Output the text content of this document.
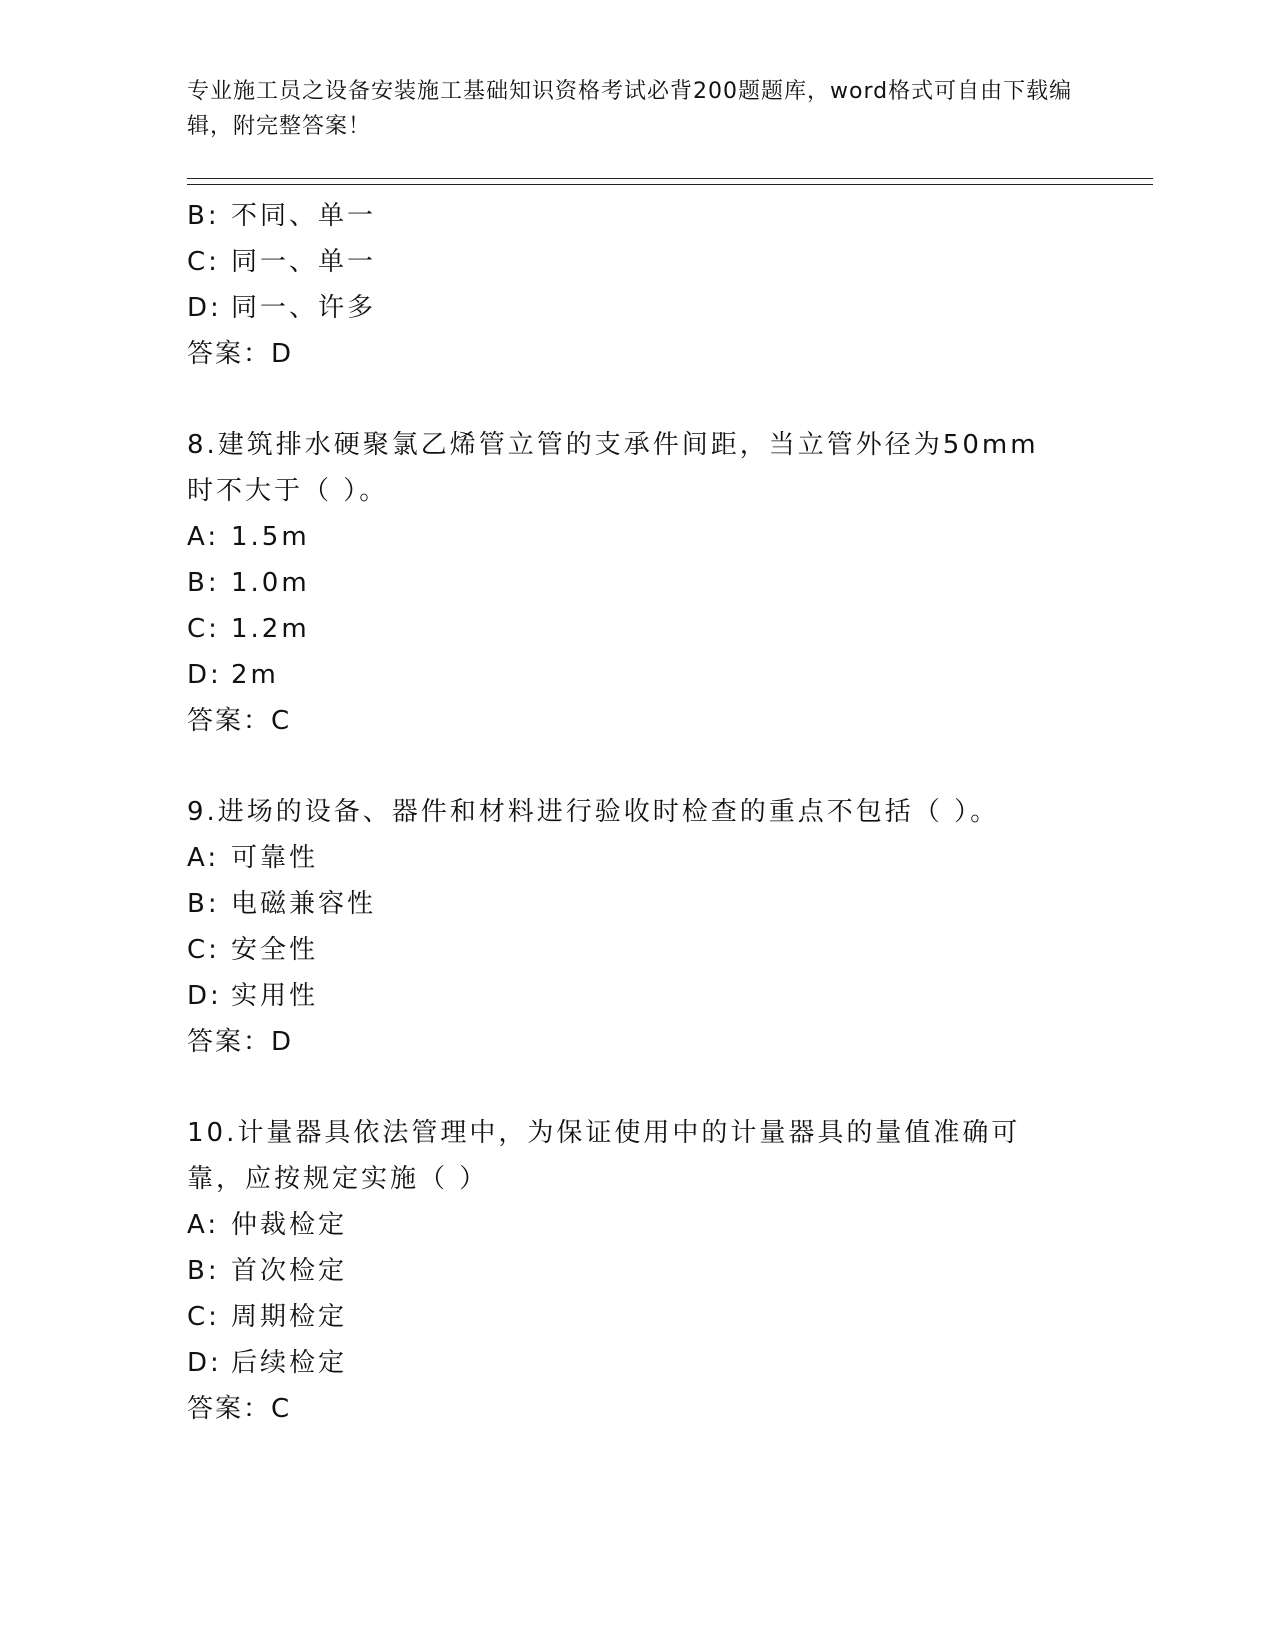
专业施工员之设备安装施工基础知识资格考试必背200题题库，word格式可自由下载编辑，附完整答案！
B: 不同、单一
C: 同一、单一
D: 同一、许多
答案：D
8.建筑排水硬聚氯乙烯管立管的支承件间距，当立管外径为50mm时不大于（ ）。
A: 1.5m
B: 1.0m
C: 1.2m
D: 2m
答案：C
9.进场的设备、器件和材料进行验收时检查的重点不包括（ ）。
A: 可靠性
B: 电磁兼容性
C: 安全性
D: 实用性
答案：D
10.计量器具依法管理中，为保证使用中的计量器具的量值准确可靠，应按规定实施（ ）
A: 仲裁检定
B: 首次检定
C: 周期检定
D: 后续检定
答案：C
